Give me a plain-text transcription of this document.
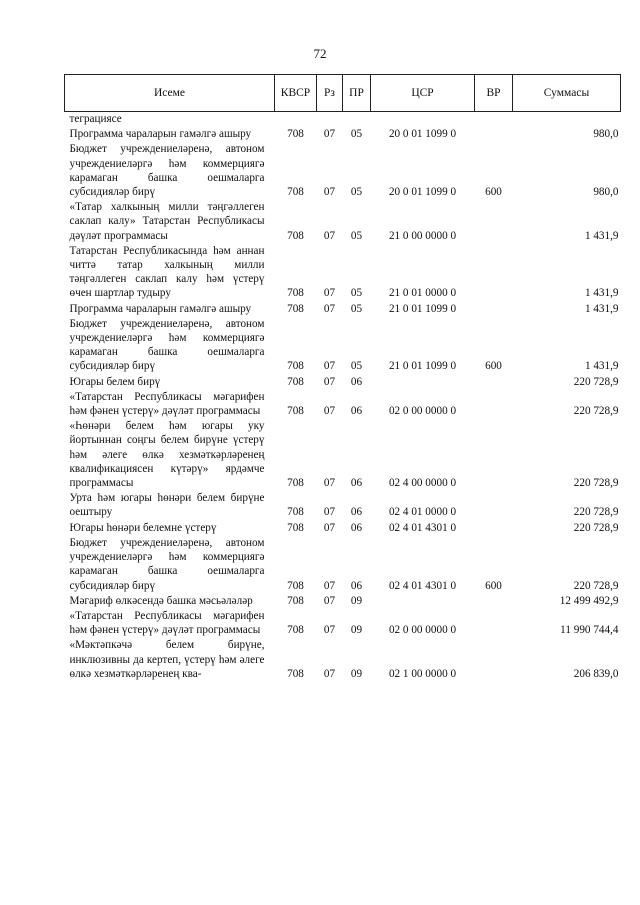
72
Исеме	КВСР	Рз	ПР	ЦСР	ВР	Суммасы
теграциясе						
Программа чараларын гамәлгә ашыру	708	07	05	20 0 01 1099 0		980,0
Бюджет учреждениеләренә, автоном учреждениеләргә һәм коммерциягә карамаган башка оешмаларга субсидияләр бирү	708	07	05	20 0 01 1099 0	600	980,0
«Татар халкының милли тәңгәллеген саклап калу» Татарстан Республикасы дәүләт программасы	708	07	05	21 0 00 0000 0		1 431,9
Татарстан Республикасында һәм аннан читтә татар халкының милли тәңгәллеген саклап калу һәм үстерү өчен шартлар тудыру	708	07	05	21 0 01 0000 0		1 431,9
Программа чараларын гамәлгә ашыру	708	07	05	21 0 01 1099 0		1 431,9
Бюджет учреждениеләренә, автоном учреждениеләргә һәм коммерциягә карамаган башка оешмаларга субсидияләр бирү	708	07	05	21 0 01 1099 0	600	1 431,9
Югары белем бирү	708	07	06			220 728,9
«Татарстан Республикасы мәгарифен һәм фәнен үстерү» дәүләт программасы	708	07	06	02 0 00 0000 0		220 728,9
«Һөнәри белем һәм югары уку йортыннан соңгы белем бирүне үстерү һәм әлеге өлкә хезмәткәрләренең квалификациясен күтәрү» ярдәмче программасы	708	07	06	02 4 00 0000 0		220 728,9
Урта һәм югары һөнәри белем бирүне оештыру	708	07	06	02 4 01 0000 0		220 728,9
Югары һөнәри белемне үстерү	708	07	06	02 4 01 4301 0		220 728,9
Бюджет учреждениеләренә, автоном учреждениеләргә һәм коммерциягә карамаган башка оешмаларга субсидияләр бирү	708	07	06	02 4 01 4301 0	600	220 728,9
Мәгариф өлкәсендә башка мәсьәләләр	708	07	09			12 499 492,9
«Татарстан Республикасы мәгарифен һәм фәнен үстерү» дәүләт программасы	708	07	09	02 0 00 0000 0		11 990 744,4
«Мәктәпкәчә белем бирүне, инклюзивны да кертеп, үстерү һәм әлеге өлкә хезмәткәрләренең ква-	708	07	09	02 1 00 0000 0		206 839,0
